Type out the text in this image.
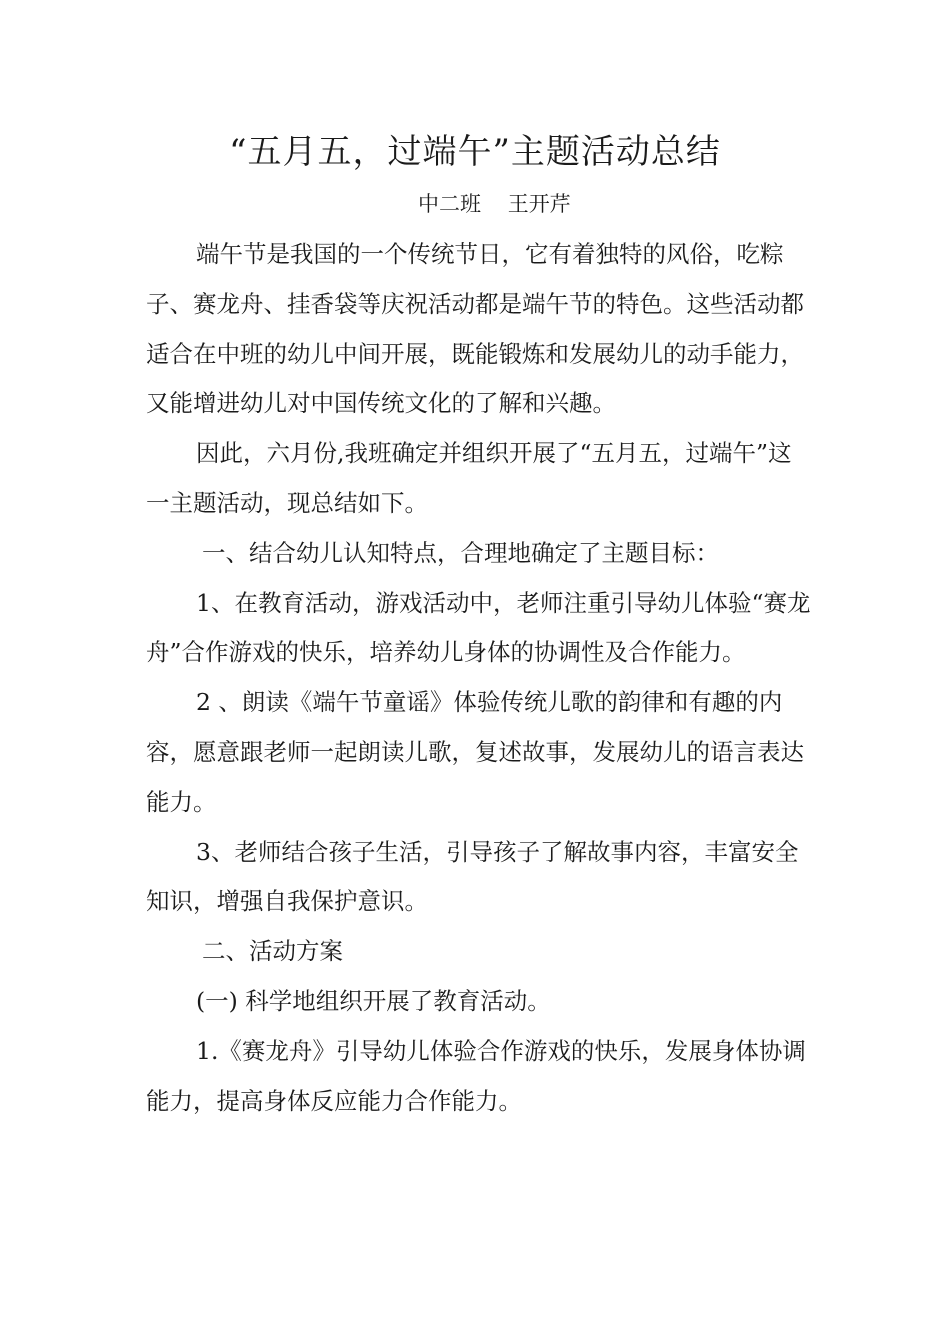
“五月五，过端午”主题活动总结
中二班    王开芹

端午节是我国的一个传统节日，它有着独特的风俗，吃粽子、赛龙舟、挂香袋等庆祝活动都是端午节的特色。这些活动都适合在中班的幼儿中间开展，既能锻炼和发展幼儿的动手能力，又能增进幼儿对中国传统文化的了解和兴趣。

因此，六月份,我班确定并组织开展了“五月五，过端午”这一主题活动，现总结如下。

一、结合幼儿认知特点，合理地确定了主题目标：

1、在教育活动，游戏活动中，老师注重引导幼儿体验“赛龙舟”合作游戏的快乐，培养幼儿身体的协调性及合作能力。

2 、朗读《端午节童谣》体验传统儿歌的韵律和有趣的内容，愿意跟老师一起朗读儿歌，复述故事，发展幼儿的语言表达能力。

3、老师结合孩子生活，引导孩子了解故事内容，丰富安全知识，增强自我保护意识。

二、活动方案

(一) 科学地组织开展了教育活动。

1.《赛龙舟》引导幼儿体验合作游戏的快乐，发展身体协调能力，提高身体反应能力合作能力。
